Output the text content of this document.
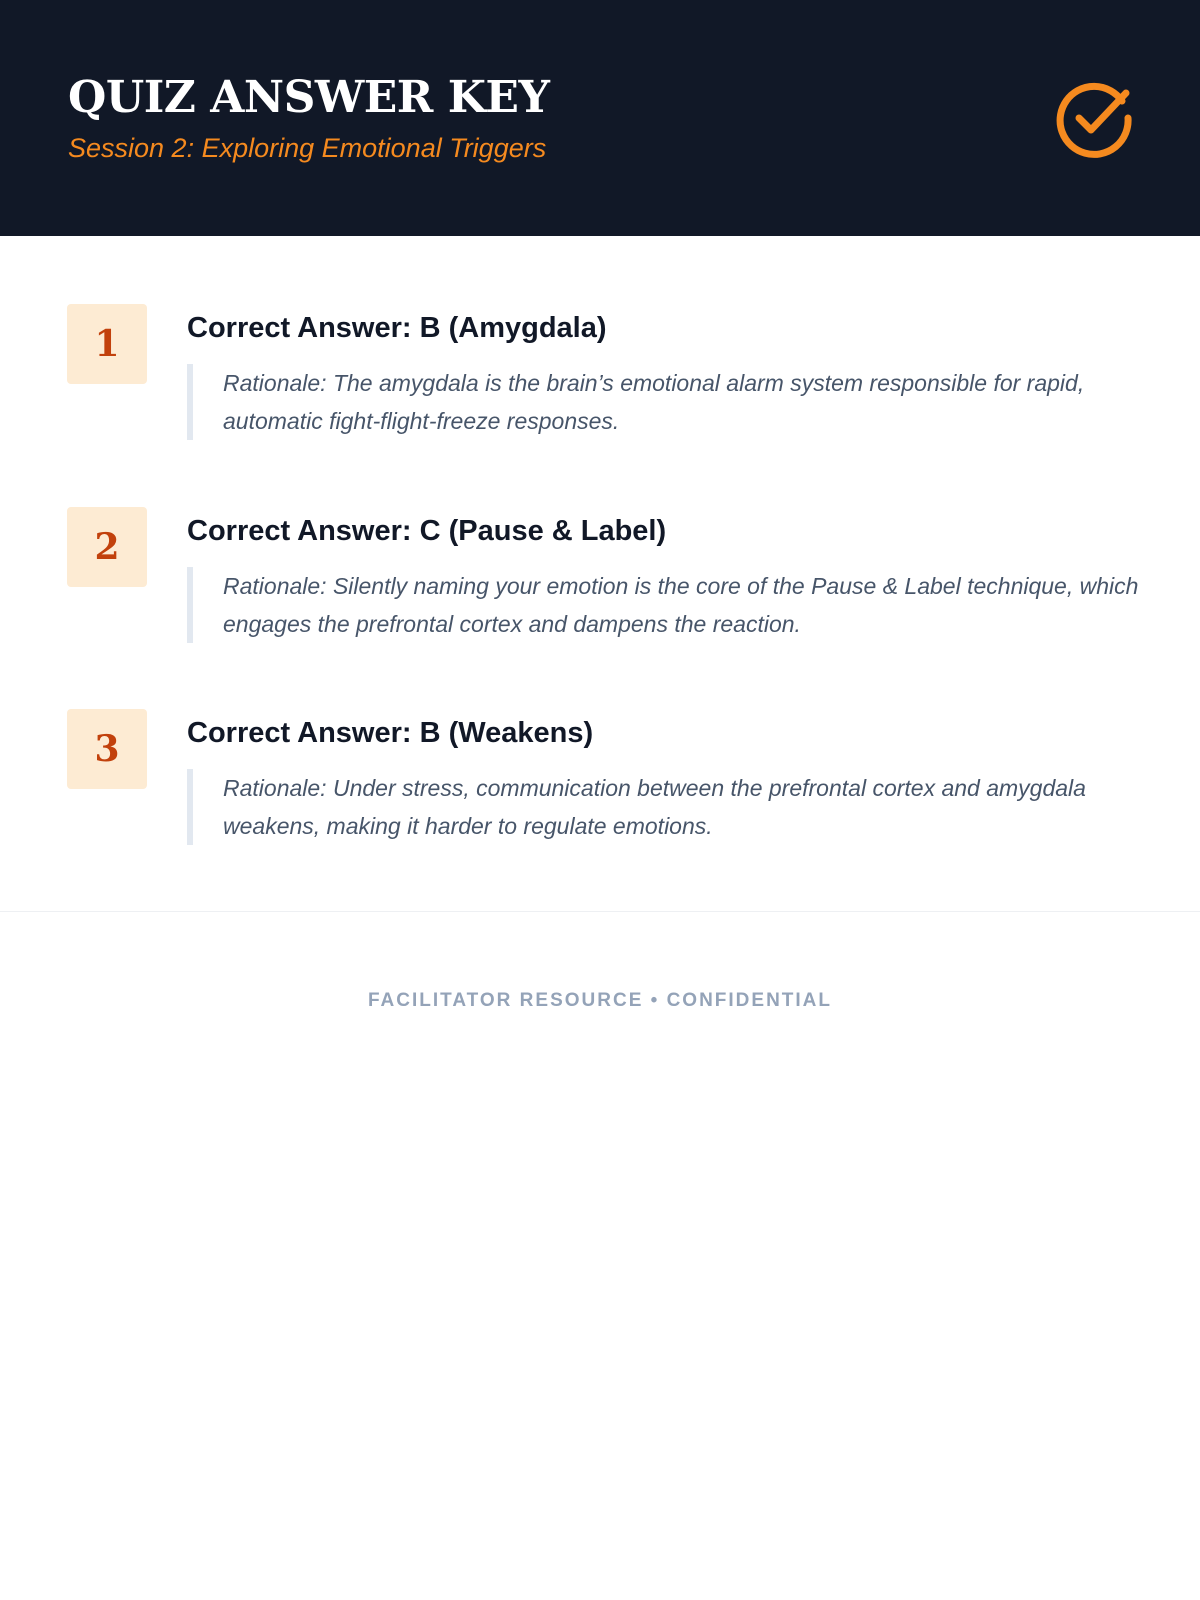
QUIZ ANSWER KEY

Session 2: Exploring Emotional Triggers

1	Correct Answer: B (Amygdala)

Rationale: The amygdala is the brain’s emotional alarm system responsible for rapid, automatic fight-flight-freeze responses.

2	Correct Answer: C (Pause & Label)

Rationale: Silently naming your emotion is the core of the Pause & Label technique, which engages the prefrontal cortex and dampens the reaction.

3	Correct Answer: B (Weakens)

Rationale: Under stress, communication between the prefrontal cortex and amygdala weakens, making it harder to regulate emotions.

FACILITATOR RESOURCE • CONFIDENTIAL
